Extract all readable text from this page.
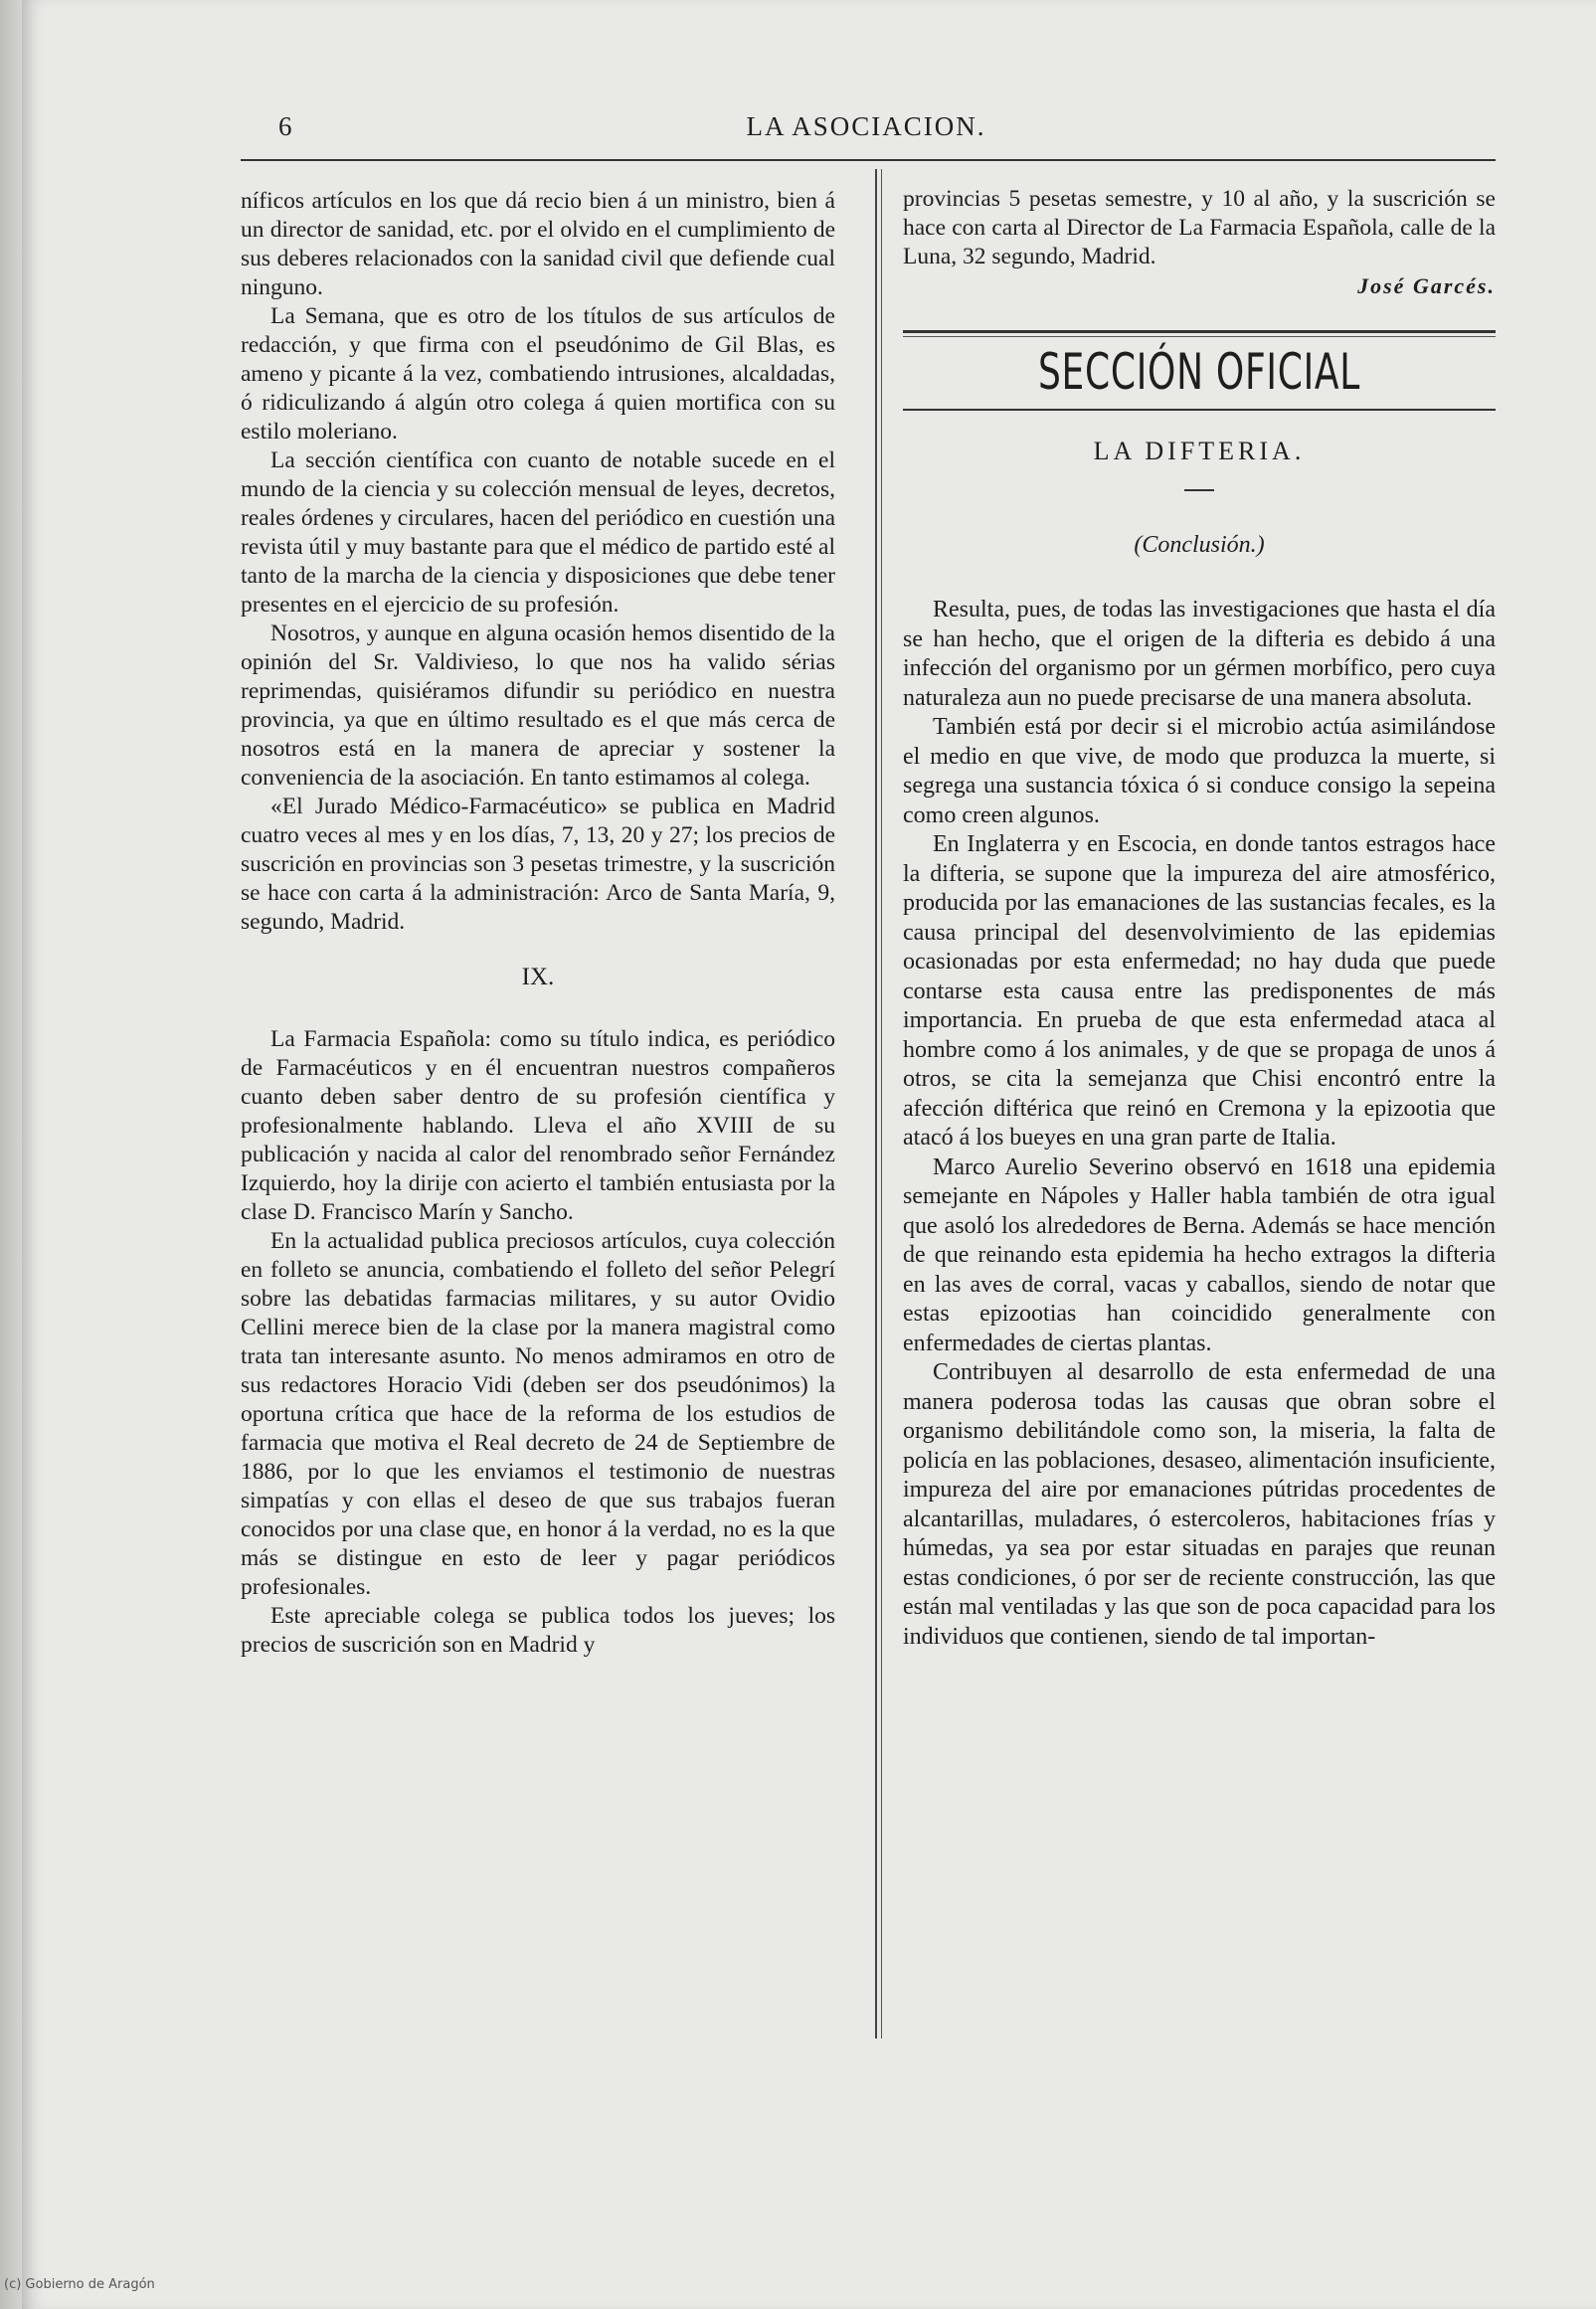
6	LA ASOCIACION.

níficos artículos en los que dá recio bien á un ministro, bien á un director de sanidad, etc. por el olvido en el cumplimiento de sus deberes relacionados con la sanidad civil que defiende cual ninguno.

La Semana, que es otro de los títulos de sus artículos de redacción, y que firma con el pseudónimo de Gil Blas, es ameno y picante á la vez, combatiendo intrusiones, alcaldadas, ó ridiculizando á algún otro colega á quien mortifica con su estilo moleriano.

La sección científica con cuanto de notable sucede en el mundo de la ciencia y su colección mensual de leyes, decretos, reales órdenes y circulares, hacen del periódico en cuestión una revista útil y muy bastante para que el médico de partido esté al tanto de la marcha de la ciencia y disposiciones que debe tener presentes en el ejercicio de su profesión.

Nosotros, y aunque en alguna ocasión hemos disentido de la opinión del Sr. Valdivieso, lo que nos ha valido sérias reprimendas, quisiéramos difundir su periódico en nuestra provincia, ya que en último resultado es el que más cerca de nosotros está en la manera de apreciar y sostener la conveniencia de la asociación. En tanto estimamos al colega.

«El Jurado Médico-Farmacéutico» se publica en Madrid cuatro veces al mes y en los días, 7, 13, 20 y 27; los precios de suscrición en provincias son 3 pesetas trimestre, y la suscrición se hace con carta á la administración: Arco de Santa María, 9, segundo, Madrid.

IX.

La Farmacia Española: como su título indica, es periódico de Farmacéuticos y en él encuentran nuestros compañeros cuanto deben saber dentro de su profesión científica y profesionalmente hablando. Lleva el año XVIII de su publicación y nacida al calor del renombrado señor Fernández Izquierdo, hoy la dirije con acierto el también entusiasta por la clase D. Francisco Marín y Sancho.

En la actualidad publica preciosos artículos, cuya colección en folleto se anuncia, combatiendo el folleto del señor Pelegrí sobre las debatidas farmacias militares, y su autor Ovidio Cellini merece bien de la clase por la manera magistral como trata tan interesante asunto. No menos admiramos en otro de sus redactores Horacio Vidi (deben ser dos pseudónimos) la oportuna crítica que hace de la reforma de los estudios de farmacia que motiva el Real decreto de 24 de Septiembre de 1886, por lo que les enviamos el testimonio de nuestras simpatías y con ellas el deseo de que sus trabajos fueran conocidos por una clase que, en honor á la verdad, no es la que más se distingue en esto de leer y pagar periódicos profesionales.

Este apreciable colega se publica todos los jueves; los precios de suscrición son en Madrid y

provincias 5 pesetas semestre, y 10 al año, y la suscrición se hace con carta al Director de La Farmacia Española, calle de la Luna, 32 segundo, Madrid.

José Garcés.

SECCIÓN OFICIAL
LA DIFTERIA.
(Conclusión.)

Resulta, pues, de todas las investigaciones que hasta el día se han hecho, que el origen de la difteria es debido á una infección del organismo por un gérmen morbífico, pero cuya naturaleza aun no puede precisarse de una manera absoluta.

También está por decir si el microbio actúa asimilándose el medio en que vive, de modo que produzca la muerte, si segrega una sustancia tóxica ó si conduce consigo la sepeina como creen algunos.

En Inglaterra y en Escocia, en donde tantos estragos hace la difteria, se supone que la impureza del aire atmosférico, producida por las emanaciones de las sustancias fecales, es la causa principal del desenvolvimiento de las epidemias ocasionadas por esta enfermedad; no hay duda que puede contarse esta causa entre las predisponentes de más importancia. En prueba de que esta enfermedad ataca al hombre como á los animales, y de que se propaga de unos á otros, se cita la semejanza que Chisi encontró entre la afección diftérica que reinó en Cremona y la epizootia que atacó á los bueyes en una gran parte de Italia.

Marco Aurelio Severino observó en 1618 una epidemia semejante en Nápoles y Haller habla también de otra igual que asoló los alrededores de Berna. Además se hace mención de que reinando esta epidemia ha hecho extragos la difteria en las aves de corral, vacas y caballos, siendo de notar que estas epizootias han coincidido generalmente con enfermedades de ciertas plantas.

Contribuyen al desarrollo de esta enfermedad de una manera poderosa todas las causas que obran sobre el organismo debilitándole como son, la miseria, la falta de policía en las poblaciones, desaseo, alimentación insuficiente, impureza del aire por emanaciones pútridas procedentes de alcantarillas, muladares, ó estercoleros, habitaciones frías y húmedas, ya sea por estar situadas en parajes que reunan estas condiciones, ó por ser de reciente construcción, las que están mal ventiladas y las que son de poca capacidad para los individuos que contienen, siendo de tal importan-

(c) Gobierno de Aragón
